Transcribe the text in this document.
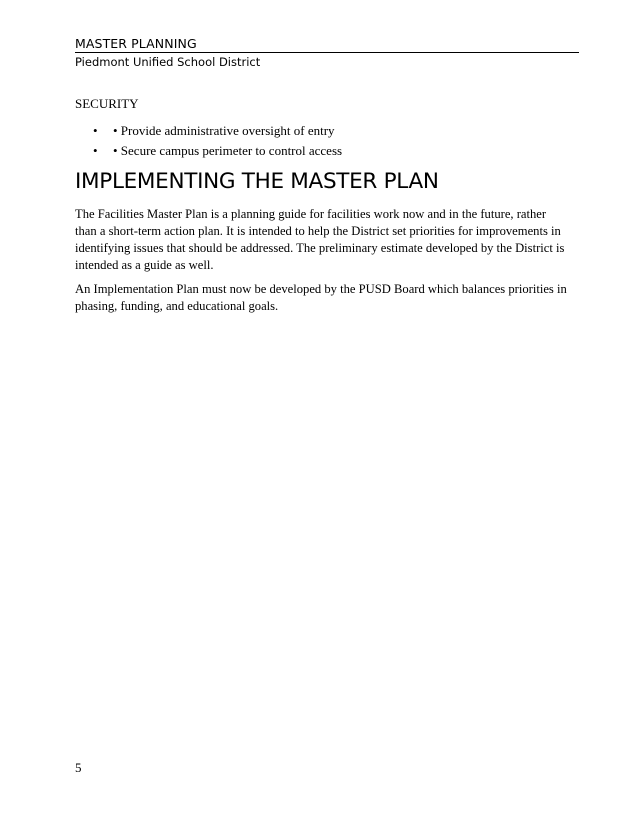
MASTER PLANNING
Piedmont Unified School District
SECURITY
• • Provide administrative oversight of entry
• • Secure campus perimeter to control access
IMPLEMENTING THE MASTER PLAN

The Facilities Master Plan is a planning guide for facilities work now and in the future, rather than a short-term action plan. It is intended to help the District set priorities for improvements in identifying issues that should be addressed. The preliminary estimate developed by the District is intended as a guide as well.

An Implementation Plan must now be developed by the PUSD Board which balances priorities in phasing, funding, and educational goals.

5
